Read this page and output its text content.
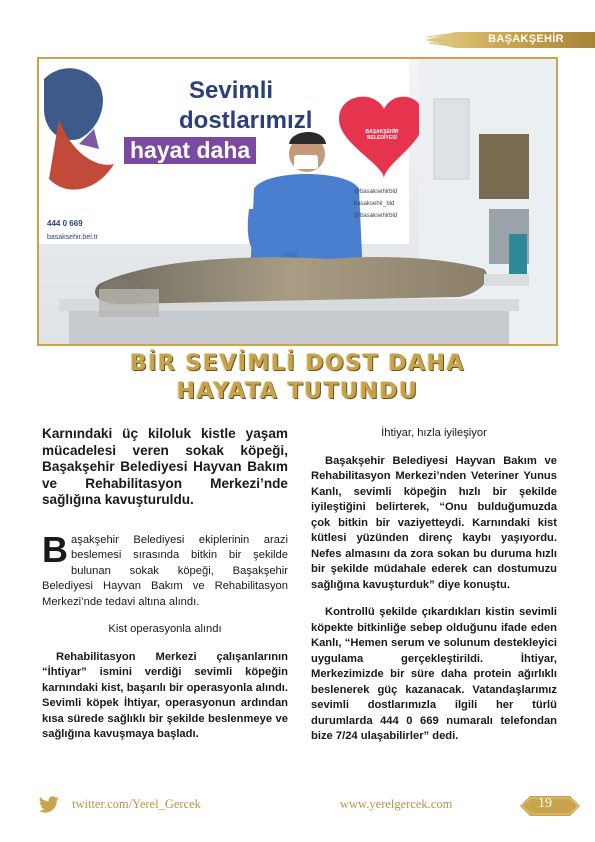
BAŞAKŞEHİR
Sevimli
dostlarımızl
hayat daha
BAŞAKŞEHİR BELEDİYESİ
444 0 669
basaksehir.bel.tr
@basaksehirbld
basaksehir_bld
@basaksehirbld
BİR SEVİMLİ DOST DAHA
HAYATA TUTUNDU

Karnındaki üç kiloluk kistle yaşam mücadelesi veren sokak köpeği, Başakşehir Belediyesi Hayvan Bakım ve Rehabilitasyon Merkezi’nde sağlığına kavuşturuldu.

Başakşehir Belediyesi ekiplerinin arazi beslemesi sırasında bitkin bir şekilde bulunan sokak köpeği, Başakşehir Belediyesi Hayvan Bakım ve Rehabilitasyon Merkezi’nde tedavi altına alındı.

Kist operasyonla alındı

Rehabilitasyon Merkezi çalışanlarının “İhtiyar” ismini verdiği sevimli köpeğin karnındaki kist, başarılı bir operasyonla alındı. Sevimli köpek İhtiyar, operasyonun ardından kısa sürede sağlıklı bir şekilde beslenmeye ve sağlığına kavuşmaya başladı.

İhtiyar, hızla iyileşiyor

Başakşehir Belediyesi Hayvan Bakım ve Rehabilitasyon Merkezi’nden Veteriner Yunus Kanlı, sevimli köpeğin hızlı bir şekilde iyileştiğini belirterek, “Onu bulduğumuzda çok bitkin bir vaziyetteydi. Karnındaki kist kütlesi yüzünden direnç kaybı yaşıyordu. Nefes almasını da zora sokan bu duruma hızlı bir şekilde müdahale ederek can dostumuzu sağlığına kavuşturduk” diye konuştu.

Kontrollü şekilde çıkardıkları kistin sevimli köpekte bitkinliğe sebep olduğunu ifade eden Kanlı, “Hemen serum ve solunum destekleyici uygulama gerçekleştirildi. İhtiyar, Merkezimizde bir süre daha protein ağırlıklı beslenerek güç kazanacak. Vatandaşlarımız sevimli dostlarımızla ilgili her türlü durumlarda 444 0 669 numaralı telefondan bize 7/24 ulaşabilirler” dedi.

twitter.com/Yerel_Gercek	www.yerelgercek.com	19
